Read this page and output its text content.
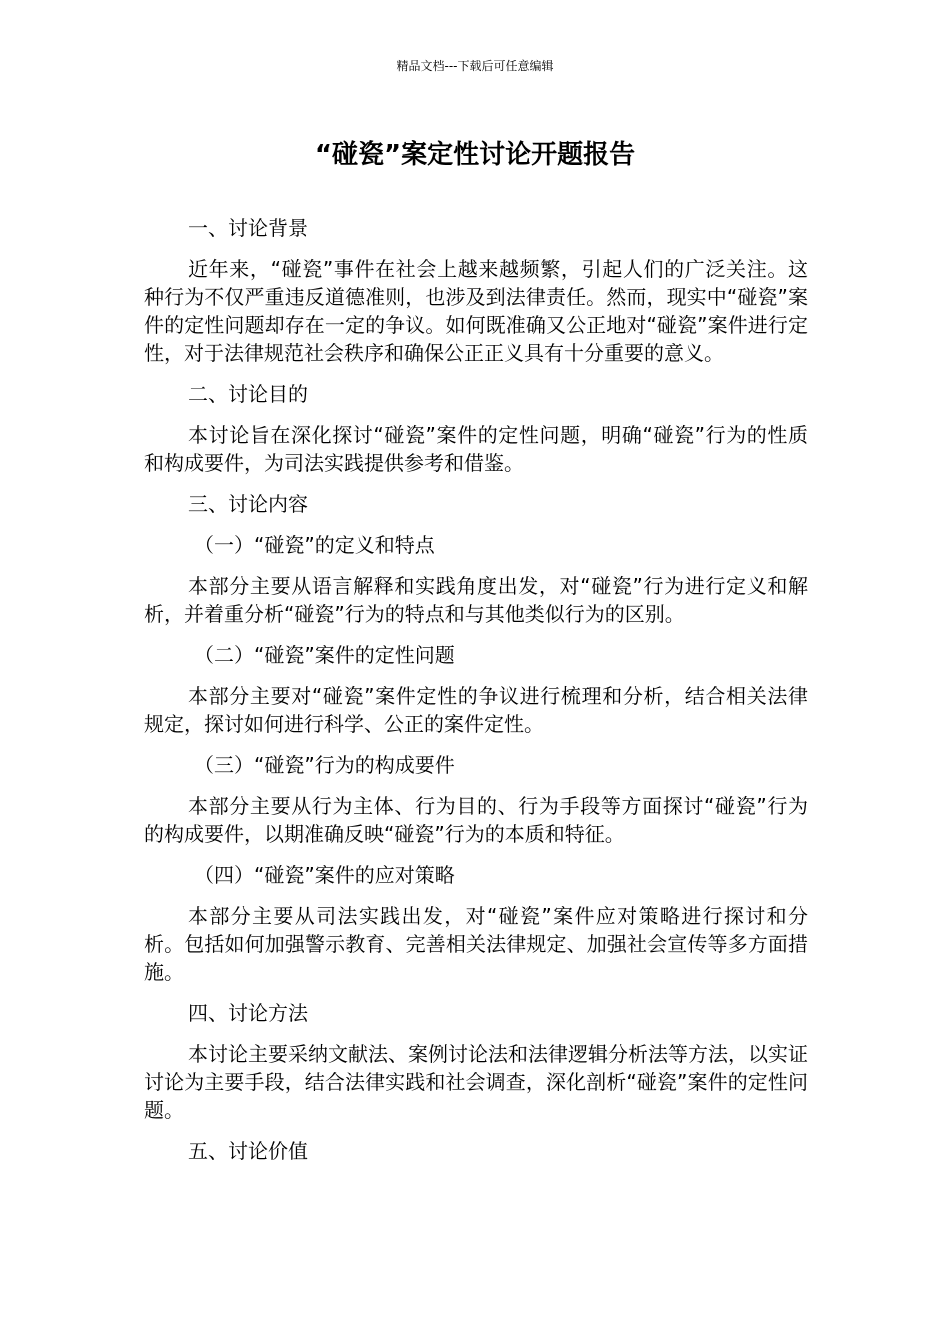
精品文档---下载后可任意编辑
“碰瓷”案定性讨论开题报告

一、讨论背景

近年来，“碰瓷”事件在社会上越来越频繁，引起人们的广泛关注。这种行为不仅严重违反道德准则，也涉及到法律责任。然而，现实中“碰瓷”案件的定性问题却存在一定的争议。如何既准确又公正地对“碰瓷”案件进行定性，对于法律规范社会秩序和确保公正正义具有十分重要的意义。

二、讨论目的

本讨论旨在深化探讨“碰瓷”案件的定性问题，明确“碰瓷”行为的性质和构成要件，为司法实践提供参考和借鉴。

三、讨论内容

（一）“碰瓷”的定义和特点

本部分主要从语言解释和实践角度出发，对“碰瓷”行为进行定义和解析，并着重分析“碰瓷”行为的特点和与其他类似行为的区别。

（二）“碰瓷”案件的定性问题

本部分主要对“碰瓷”案件定性的争议进行梳理和分析，结合相关法律规定，探讨如何进行科学、公正的案件定性。

（三）“碰瓷”行为的构成要件

本部分主要从行为主体、行为目的、行为手段等方面探讨“碰瓷”行为的构成要件，以期准确反映“碰瓷”行为的本质和特征。

（四）“碰瓷”案件的应对策略

本部分主要从司法实践出发，对“碰瓷”案件应对策略进行探讨和分析。包括如何加强警示教育、完善相关法律规定、加强社会宣传等多方面措施。

四、讨论方法

本讨论主要采纳文献法、案例讨论法和法律逻辑分析法等方法，以实证讨论为主要手段，结合法律实践和社会调查，深化剖析“碰瓷”案件的定性问题。

五、讨论价值
